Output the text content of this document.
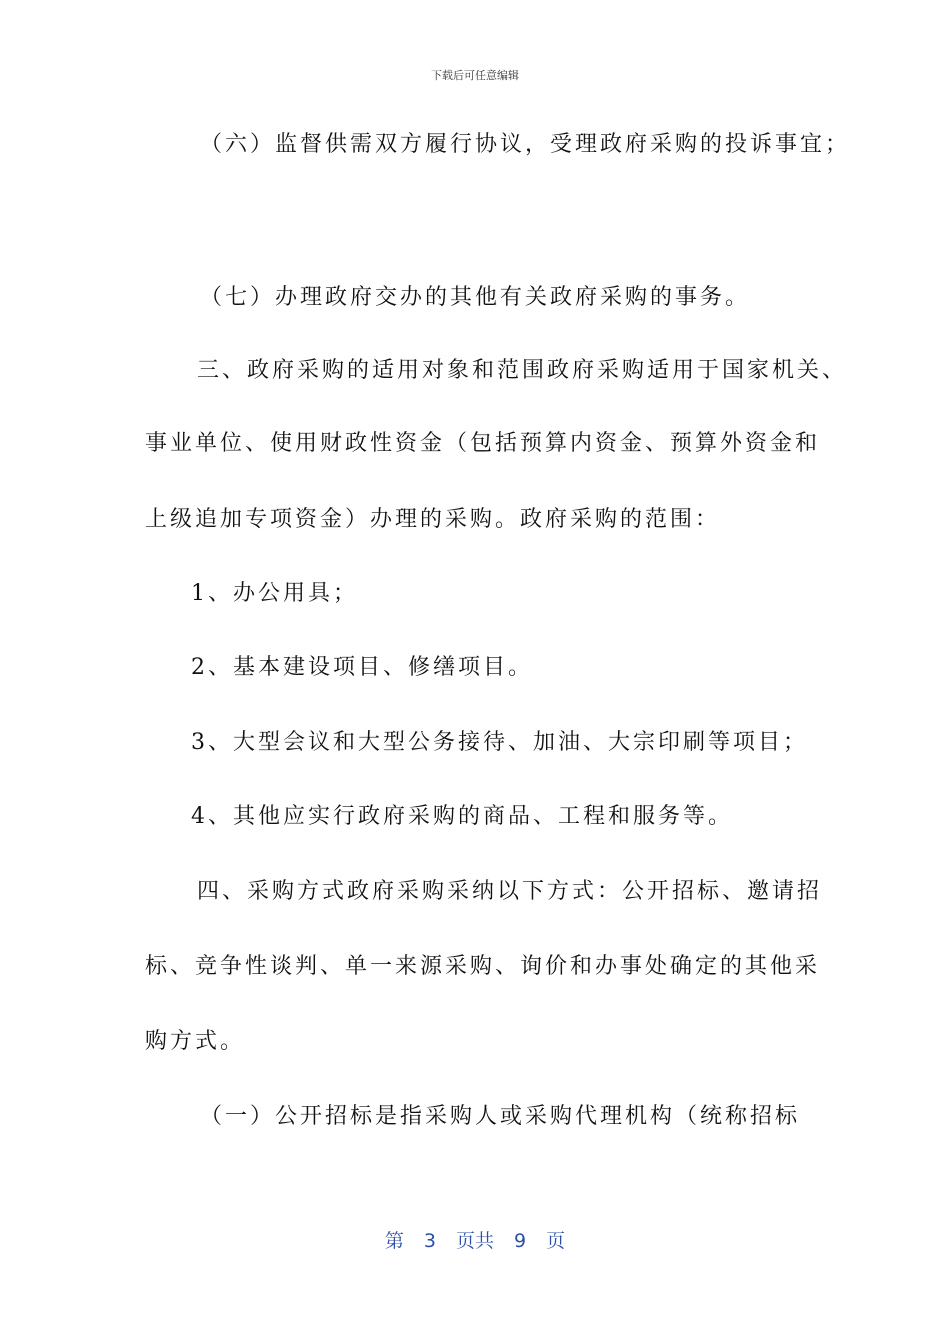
下载后可任意编辑
（六）监督供需双方履行协议，受理政府采购的投诉事宜；
（七）办理政府交办的其他有关政府采购的事务。
三、政府采购的适用对象和范围政府采购适用于国家机关、
事业单位、使用财政性资金（包括预算内资金、预算外资金和
上级追加专项资金）办理的采购。政府采购的范围：
1、办公用具；
2、基本建设项目、修缮项目。
3、大型会议和大型公务接待、加油、大宗印刷等项目；
4、其他应实行政府采购的商品、工程和服务等。
四、采购方式政府采购采纳以下方式：公开招标、邀请招
标、竞争性谈判、单一来源采购、询价和办事处确定的其他采
购方式。
（一）公开招标是指采购人或采购代理机构（统称招标
第 3 页共 9 页
